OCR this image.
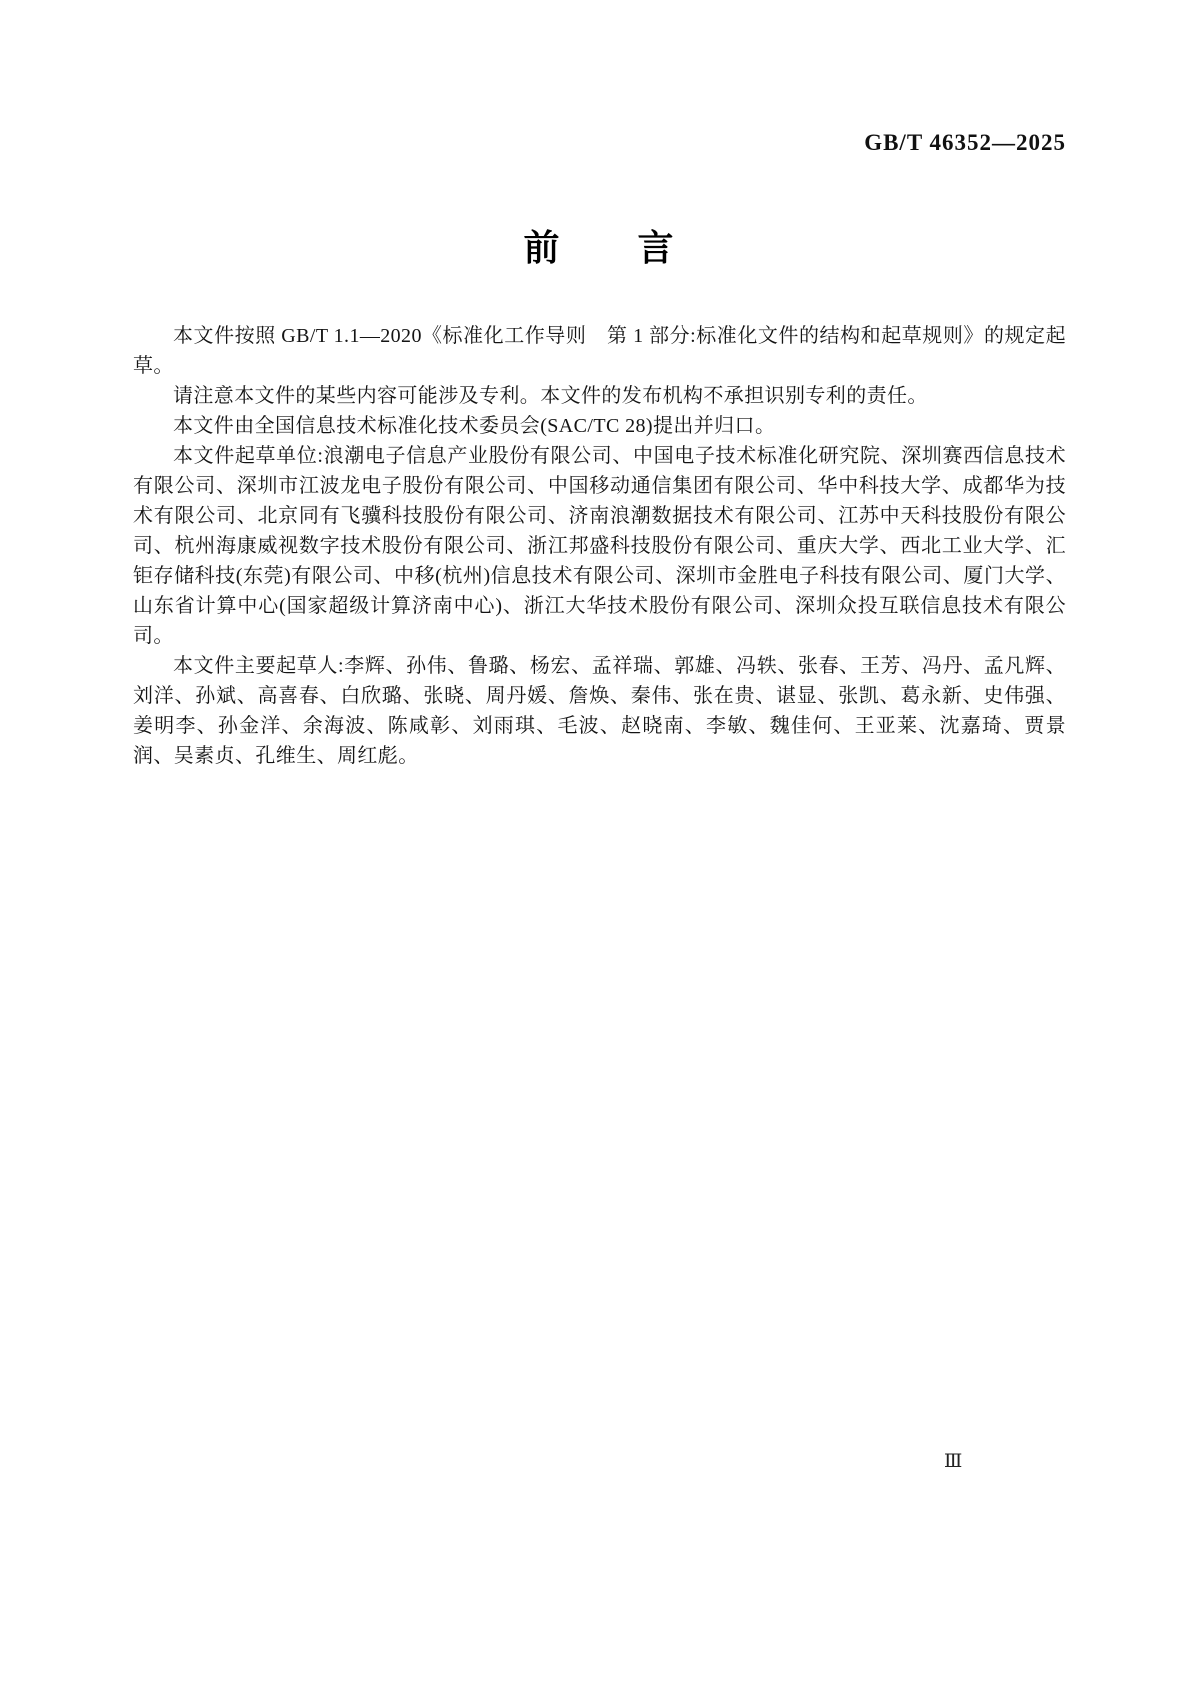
GB/T 46352—2025
前　　言

本文件按照 GB/T 1.1—2020《标准化工作导则　第 1 部分:标准化文件的结构和起草规则》的规定起草。

请注意本文件的某些内容可能涉及专利。本文件的发布机构不承担识别专利的责任。

本文件由全国信息技术标准化技术委员会(SAC/TC 28)提出并归口。

本文件起草单位:浪潮电子信息产业股份有限公司、中国电子技术标准化研究院、深圳赛西信息技术有限公司、深圳市江波龙电子股份有限公司、中国移动通信集团有限公司、华中科技大学、成都华为技术有限公司、北京同有飞骥科技股份有限公司、济南浪潮数据技术有限公司、江苏中天科技股份有限公司、杭州海康威视数字技术股份有限公司、浙江邦盛科技股份有限公司、重庆大学、西北工业大学、汇钜存储科技(东莞)有限公司、中移(杭州)信息技术有限公司、深圳市金胜电子科技有限公司、厦门大学、山东省计算中心(国家超级计算济南中心)、浙江大华技术股份有限公司、深圳众投互联信息技术有限公司。

本文件主要起草人:李辉、孙伟、鲁璐、杨宏、孟祥瑞、郭雄、冯轶、张春、王芳、冯丹、孟凡辉、刘洋、孙斌、高喜春、白欣璐、张晓、周丹媛、詹焕、秦伟、张在贵、谌显、张凯、葛永新、史伟强、姜明李、孙金洋、余海波、陈咸彰、刘雨琪、毛波、赵晓南、李敏、魏佳何、王亚莱、沈嘉琦、贾景润、吴素贞、孔维生、周红彪。

Ⅲ
